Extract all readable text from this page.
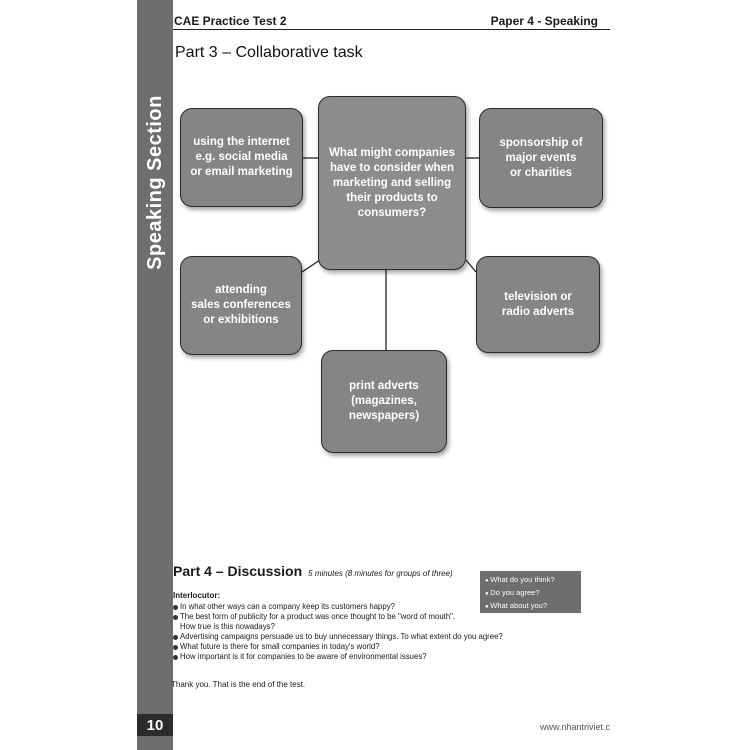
Speaking Section
10
CAE Practice Test 2	Paper 4 - Speaking
Part 3 – Collaborative task
What might companies
have to consider when
marketing and selling
their products to
consumers?
using the internet
e.g. social media
or email marketing
sponsorship of
major events
or charities
attending
sales conferences
or exhibitions
television or
radio adverts
print adverts
(magazines,
newspapers)
Part 4 – Discussion 5 minutes (8 minutes for groups of three)
● What do you think?
● Do you agree?
● What about you?
Interlocutor:
In what other ways can a company keep its customers happy?
The best form of publicity for a product was once thought to be "word of mouth".
How true is this nowadays?
Advertising campaigns persuade us to buy unnecessary things. To what extent do you agree?
What future is there for small companies in today's world?
How important is it for companies to be aware of environmental issues?
Thank you. That is the end of the test.
www.nhantriviet.c
